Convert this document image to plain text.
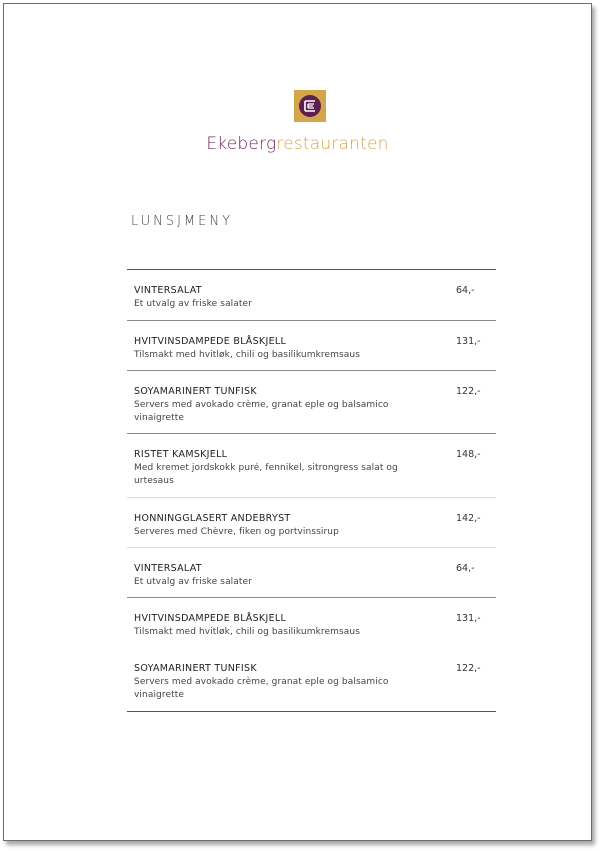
Ekebergrestauranten
LUNSJMENY
VINTERSALAT
Et utvalg av friske salater
64,-
HVITVINSDAMPEDE BLÅSKJELL
Tilsmakt med hvitløk, chili og basilikumkremsaus
131,-
SOYAMARINERT TUNFISK
Servers med avokado crème, granat eple og balsamico vinaigrette
122,-
RISTET KAMSKJELL
Med kremet jordskokk puré, fennikel, sitrongress salat og urtesaus
148,-
HONNINGGLASERT ANDEBRYST
Serveres med Chèvre, fiken og portvinssirup
142,-
VINTERSALAT
Et utvalg av friske salater
64,-
HVITVINSDAMPEDE BLÅSKJELL
Tilsmakt med hvitløk, chili og basilikumkremsaus
131,-
SOYAMARINERT TUNFISK
Servers med avokado crème, granat eple og balsamico vinaigrette
122,-
